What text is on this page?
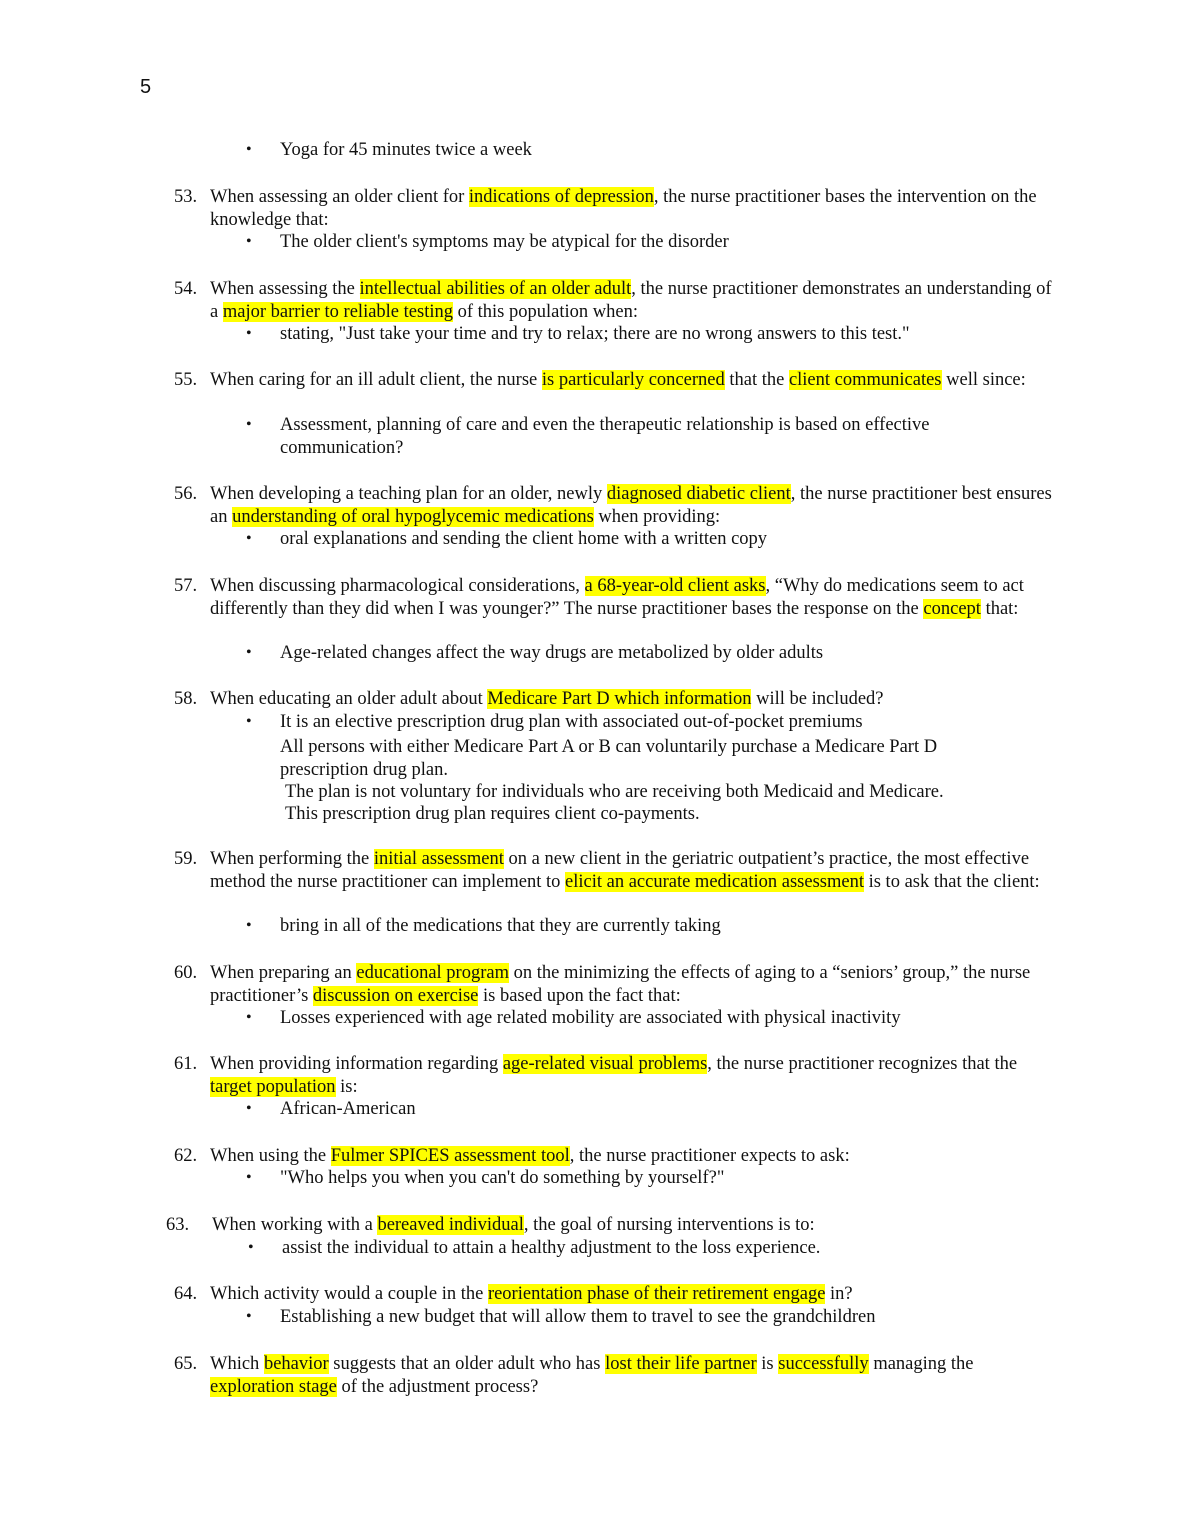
5
• Yoga for 45 minutes twice a week
53. When assessing an older client for indications of depression, the nurse practitioner bases the intervention on the knowledge that:
• The older client's symptoms may be atypical for the disorder
54. When assessing the intellectual abilities of an older adult, the nurse practitioner demonstrates an understanding of a major barrier to reliable testing of this population when:
• stating, "Just take your time and try to relax; there are no wrong answers to this test."
55. When caring for an ill adult client, the nurse is particularly concerned that the client communicates well since:
• Assessment, planning of care and even the therapeutic relationship is based on effective communication?
56. When developing a teaching plan for an older, newly diagnosed diabetic client, the nurse practitioner best ensures an understanding of oral hypoglycemic medications when providing:
• oral explanations and sending the client home with a written copy
57. When discussing pharmacological considerations, a 68-year-old client asks, “Why do medications seem to act differently than they did when I was younger?” The nurse practitioner bases the response on the concept that:
• Age-related changes affect the way drugs are metabolized by older adults
58. When educating an older adult about Medicare Part D which information will be included?
• It is an elective prescription drug plan with associated out-of-pocket premiums
All persons with either Medicare Part A or B can voluntarily purchase a Medicare Part D prescription drug plan.
The plan is not voluntary for individuals who are receiving both Medicaid and Medicare.
This prescription drug plan requires client co-payments.
59. When performing the initial assessment on a new client in the geriatric outpatient’s practice, the most effective method the nurse practitioner can implement to elicit an accurate medication assessment is to ask that the client:
• bring in all of the medications that they are currently taking
60. When preparing an educational program on the minimizing the effects of aging to a “seniors’ group,” the nurse practitioner’s discussion on exercise is based upon the fact that:
• Losses experienced with age related mobility are associated with physical inactivity
61. When providing information regarding age-related visual problems, the nurse practitioner recognizes that the target population is:
• African-American
62. When using the Fulmer SPICES assessment tool, the nurse practitioner expects to ask:
• "Who helps you when you can't do something by yourself?"
63. When working with a bereaved individual, the goal of nursing interventions is to:
• assist the individual to attain a healthy adjustment to the loss experience.
64. Which activity would a couple in the reorientation phase of their retirement engage in?
• Establishing a new budget that will allow them to travel to see the grandchildren
65. Which behavior suggests that an older adult who has lost their life partner is successfully managing the exploration stage of the adjustment process?
